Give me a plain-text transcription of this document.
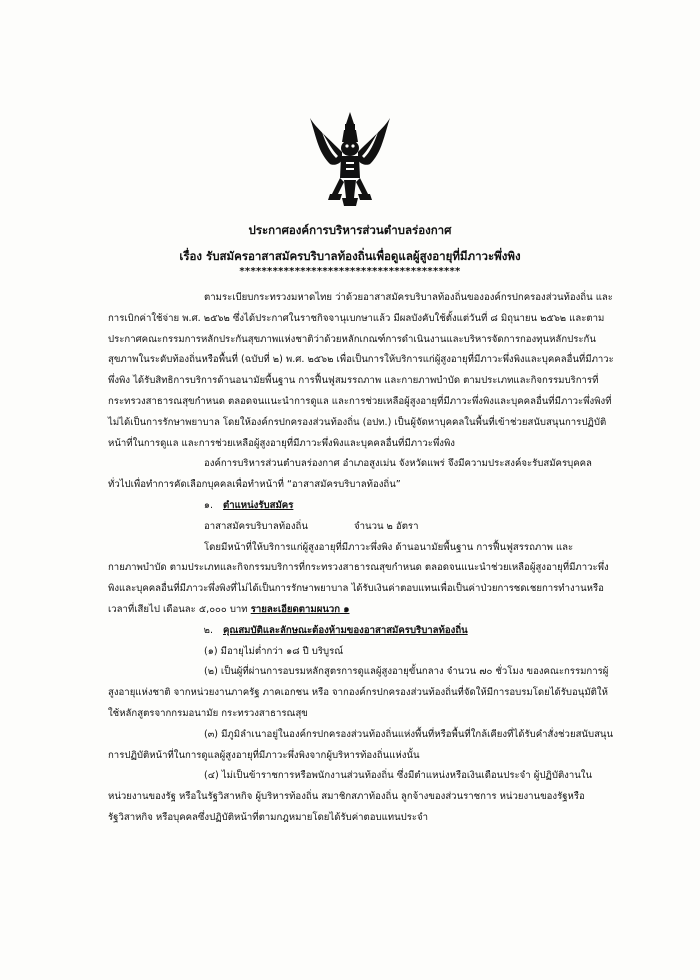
ประกาศองค์การบริหารส่วนตำบลร่องกาศ
เรื่อง รับสมัครอาสาสมัครบริบาลท้องถิ่นเพื่อดูแลผู้สูงอายุที่มีภาวะพึ่งพิง
****************************************

ตามระเบียบกระทรวงมหาดไทย ว่าด้วยอาสาสมัครบริบาลท้องถิ่นขององค์กรปกครองส่วนท้องถิ่น และการเบิกค่าใช้จ่าย พ.ศ. ๒๕๖๒ ซึ่งได้ประกาศในราชกิจจานุเบกษาแล้ว มีผลบังคับใช้ตั้งแต่วันที่ ๘ มิถุนายน ๒๕๖๒ และตามประกาศคณะกรรมการหลักประกันสุขภาพแห่งชาติว่าด้วยหลักเกณฑ์การดำเนินงานและบริหารจัดการกองทุนหลักประกันสุขภาพในระดับท้องถิ่นหรือพื้นที่ (ฉบับที่ ๒) พ.ศ. ๒๕๖๒ เพื่อเป็นการให้บริการแก่ผู้สูงอายุที่มีภาวะพึ่งพิงและบุคคลอื่นที่มีภาวะพึ่งพิง ได้รับสิทธิการบริการด้านอนามัยพื้นฐาน การฟื้นฟูสมรรถภาพ และกายภาพบำบัด ตามประเภทและกิจกรรมบริการที่กระทรวงสาธารณสุขกำหนด ตลอดจนแนะนำการดูแล และการช่วยเหลือผู้สูงอายุที่มีภาวะพึ่งพิงและบุคคลอื่นที่มีภาวะพึ่งพิงที่ไม่ได้เป็นการรักษาพยาบาล โดยให้องค์กรปกครองส่วนท้องถิ่น (อปท.) เป็นผู้จัดหาบุคคลในพื้นที่เข้าช่วยสนับสนุนการปฏิบัติหน้าที่ในการดูแล และการช่วยเหลือผู้สูงอายุที่มีภาวะพึ่งพิงและบุคคลอื่นที่มีภาวะพึ่งพิง

องค์การบริหารส่วนตำบลร่องกาศ อำเภอสูงเม่น จังหวัดแพร่ จึงมีความประสงค์จะรับสมัครบุคคลทั่วไปเพื่อทำการคัดเลือกบุคคลเพื่อทำหน้าที่ “อาสาสมัครบริบาลท้องถิ่น”

๑.	ตำแหน่งรับสมัคร
อาสาสมัครบริบาลท้องถิ่น	จำนวน ๒ อัตรา

โดยมีหน้าที่ให้บริการแก่ผู้สูงอายุที่มีภาวะพึ่งพิง ด้านอนามัยพื้นฐาน การฟื้นฟูสรรถภาพ และกายภาพบำบัด ตามประเภทและกิจกรรมบริการที่กระทรวงสาธารณสุขกำหนด ตลอดจนแนะนำช่วยเหลือผู้สูงอายุที่มีภาวะพึ่งพิงและบุคคลอื่นที่มีภาวะพึ่งพิงที่ไม่ได้เป็นการรักษาพยาบาล ได้รับเงินค่าตอบแทนเพื่อเป็นค่าป่วยการชดเชยการทำงานหรือเวลาที่เสียไป เดือนละ ๕,๐๐๐ บาท รายละเอียดตามผนวก ๑

๒.	คุณสมบัติและลักษณะต้องห้ามของอาสาสมัครบริบาลท้องถิ่น

(๑) มีอายุไม่ต่ำกว่า ๑๘ ปี บริบูรณ์

(๒) เป็นผู้ที่ผ่านการอบรมหลักสูตรการดูแลผู้สูงอายุขั้นกลาง จำนวน ๗๐ ชั่วโมง ของคณะกรรมการผู้สูงอายุแห่งชาติ จากหน่วยงานภาครัฐ ภาคเอกชน หรือ จากองค์กรปกครองส่วนท้องถิ่นที่จัดให้มีการอบรมโดยได้รับอนุมัติให้ใช้หลักสูตรจากกรมอนามัย กระทรวงสาธารณสุข

(๓) มีภูมิลำเนาอยู่ในองค์กรปกครองส่วนท้องถิ่นแห่งพื้นที่หรือพื้นที่ใกล้เคียงที่ได้รับคำสั่งช่วยสนับสนุนการปฏิบัติหน้าที่ในการดูแลผู้สูงอายุที่มีภาวะพึ่งพิงจากผู้บริหารท้องถิ่นแห่งนั้น

(๔) ไม่เป็นข้าราชการหรือพนักงานส่วนท้องถิ่น ซึ่งมีตำแหน่งหรือเงินเดือนประจำ ผู้ปฏิบัติงานในหน่วยงานของรัฐ หรือในรัฐวิสาหกิจ ผู้บริหารท้องถิ่น สมาชิกสภาท้องถิ่น ลูกจ้างของส่วนราชการ หน่วยงานของรัฐหรือรัฐวิสาหกิจ หรือบุคคลซึ่งปฏิบัติหน้าที่ตามกฎหมายโดยได้รับค่าตอบแทนประจำ
